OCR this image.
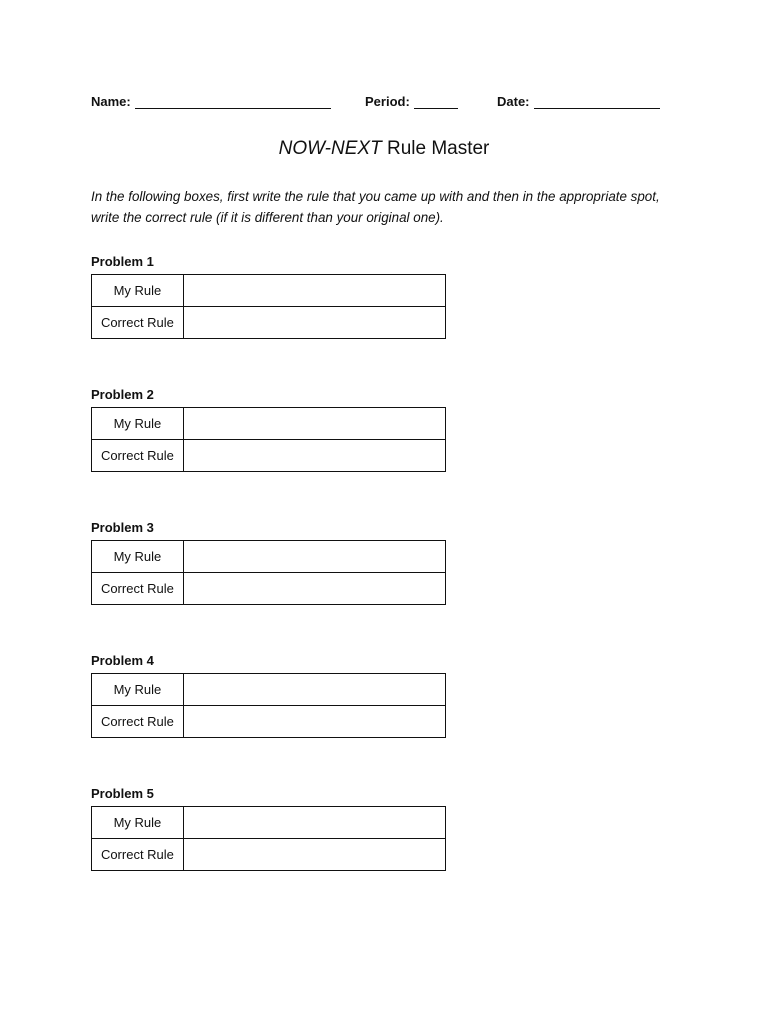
Name:	Period:	Date:
NOW-NEXT Rule Master
In the following boxes, first write the rule that you came up with and then in the appropriate spot, write the correct rule (if it is different than your original one).
Problem 1
My Rule	
Correct Rule	
Problem 2
My Rule	
Correct Rule	
Problem 3
My Rule	
Correct Rule	
Problem 4
My Rule	
Correct Rule	
Problem 5
My Rule	
Correct Rule	
